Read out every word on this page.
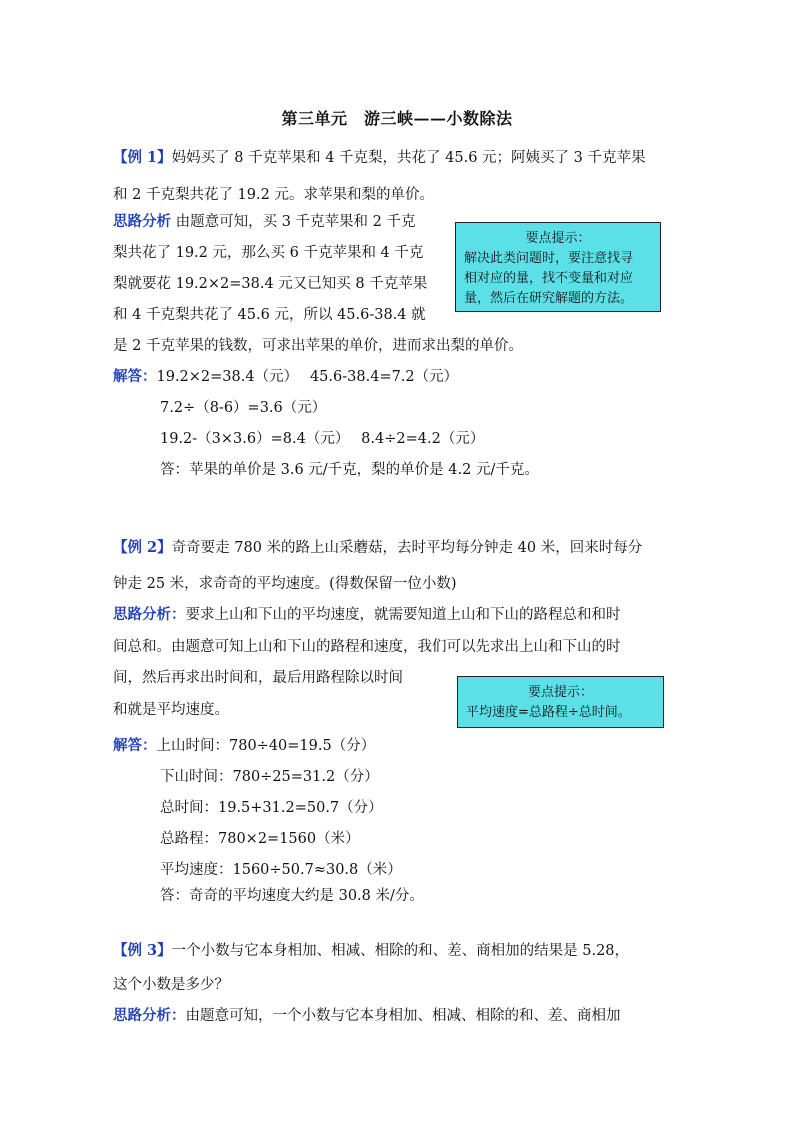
第三单元　游三峡——小数除法
【例 1】妈妈买了 8 千克苹果和 4 千克梨，共花了 45.6 元；阿姨买了 3 千克苹果
和 2 千克梨共花了 19.2 元。求苹果和梨的单价。
思路分析 由题意可知，买 3 千克苹果和 2 千克
梨共花了 19.2 元，那么买 6 千克苹果和 4 千克
梨就要花 19.2×2=38.4 元又已知买 8 千克苹果
和 4 千克梨共花了 45.6 元，所以 45.6-38.4 就
是 2 千克苹果的钱数，可求出苹果的单价，进而求出梨的单价。
要点提示：
解决此类问题时，要注意找寻
相对应的量，找不变量和对应
量，然后在研究解题的方法。
解答：19.2×2=38.4（元）　 45.6-38.4=7.2（元）
7.2÷（8-6）=3.6（元）
19.2-（3×3.6）=8.4（元）　 8.4÷2=4.2（元）
答：苹果的单价是 3.6 元/千克，梨的单价是 4.2 元/千克。
【例 2】奇奇要走 780 米的路上山采蘑菇，去时平均每分钟走 40 米，回来时每分
钟走 25 米，求奇奇的平均速度。(得数保留一位小数)
思路分析：要求上山和下山的平均速度，就需要知道上山和下山的路程总和和时
间总和。由题意可知上山和下山的路程和速度，我们可以先求出上山和下山的时
间，然后再求出时间和，最后用路程除以时间
和就是平均速度。
要点提示：
平均速度=总路程÷总时间。
解答：上山时间：780÷40=19.5（分）
下山时间：780÷25=31.2（分）
总时间：19.5+31.2=50.7（分）
总路程：780×2=1560（米）
平均速度：1560÷50.7≈30.8（米）
答：奇奇的平均速度大约是 30.8 米/分。
【例 3】一个小数与它本身相加、相减、相除的和、差、商相加的结果是 5.28，
这个小数是多少？
思路分析：由题意可知，一个小数与它本身相加、相减、相除的和、差、商相加
